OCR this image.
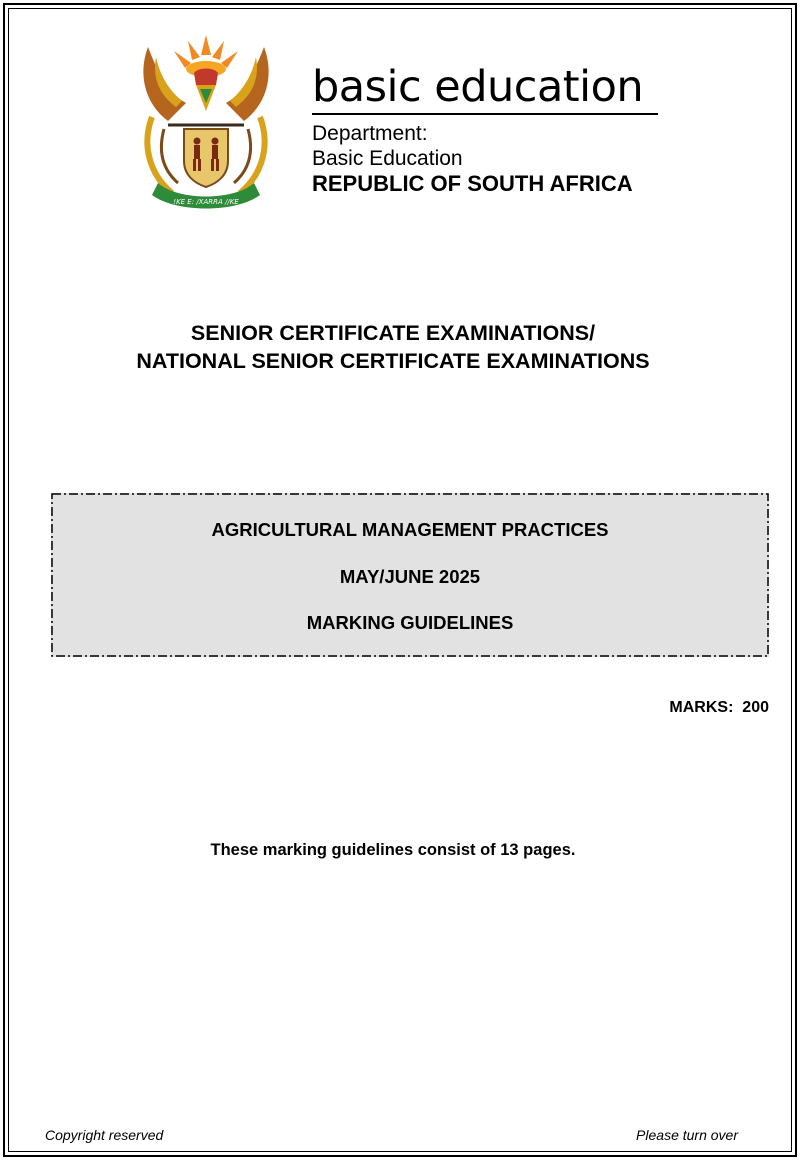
!KE E: /XARRA //KE
basic education
Department:
Basic Education
REPUBLIC OF SOUTH AFRICA
SENIOR CERTIFICATE EXAMINATIONS/
NATIONAL SENIOR CERTIFICATE EXAMINATIONS
AGRICULTURAL MANAGEMENT PRACTICES
MAY/JUNE 2025
MARKING GUIDELINES
MARKS:  200
These marking guidelines consist of 13 pages.
Copyright reserved	Please turn over
